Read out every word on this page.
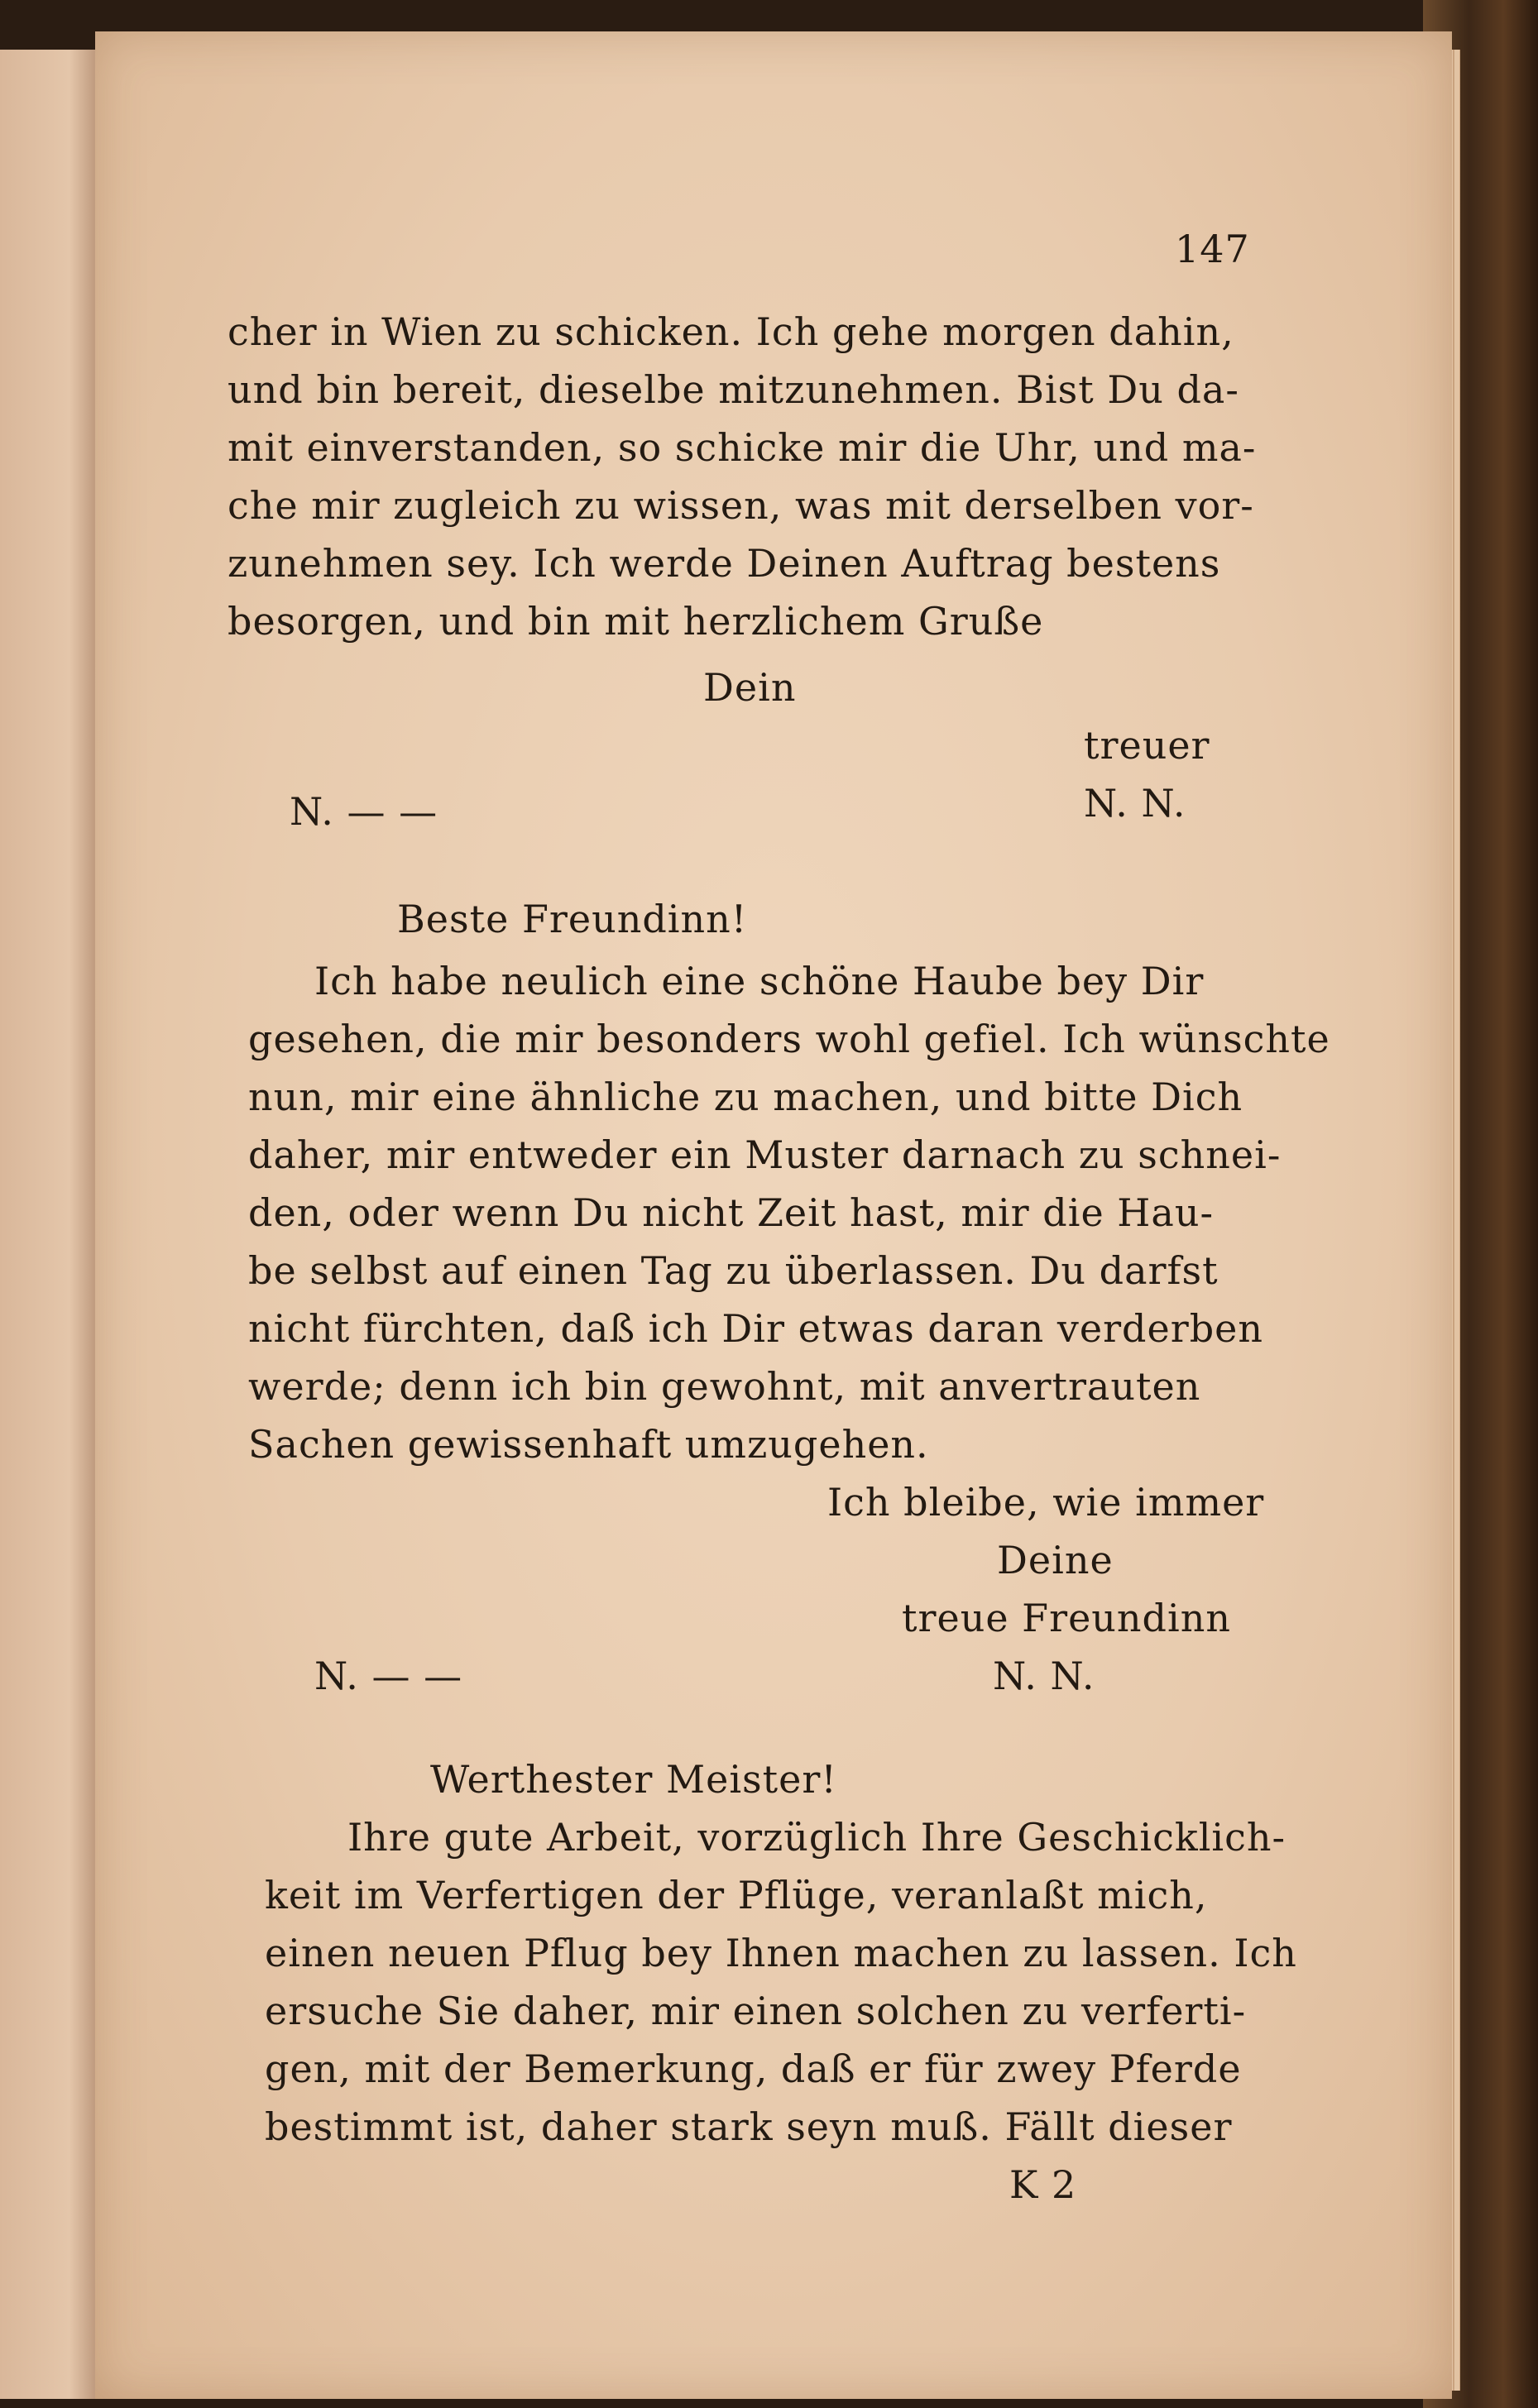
147
cher in Wien zu schicken. Ich gehe morgen dahin,
und bin bereit, dieselbe mitzunehmen. Bist Du da-
mit einverstanden, so schicke mir die Uhr, und ma-
che mir zugleich zu wissen, was mit derselben vor-
zunehmen sey. Ich werde Deinen Auftrag bestens
besorgen, und bin mit herzlichem Gruße
Dein
treuer
N. — —	N. N.
Beste Freundinn!
Ich habe neulich eine schöne Haube bey Dir
gesehen, die mir besonders wohl gefiel. Ich wünschte
nun, mir eine ähnliche zu machen, und bitte Dich
daher, mir entweder ein Muster darnach zu schnei-
den, oder wenn Du nicht Zeit hast, mir die Hau-
be selbst auf einen Tag zu überlassen. Du darfst
nicht fürchten, daß ich Dir etwas daran verderben
werde; denn ich bin gewohnt, mit anvertrauten
Sachen gewissenhaft umzugehen.
Ich bleibe, wie immer
Deine
treue Freundinn
N. — —	N. N.
Werthester Meister!
Ihre gute Arbeit, vorzüglich Ihre Geschicklich-
keit im Verfertigen der Pflüge, veranlaßt mich,
einen neuen Pflug bey Ihnen machen zu lassen. Ich
ersuche Sie daher, mir einen solchen zu verferti-
gen, mit der Bemerkung, daß er für zwey Pferde
bestimmt ist, daher stark seyn muß. Fällt dieser
K 2
